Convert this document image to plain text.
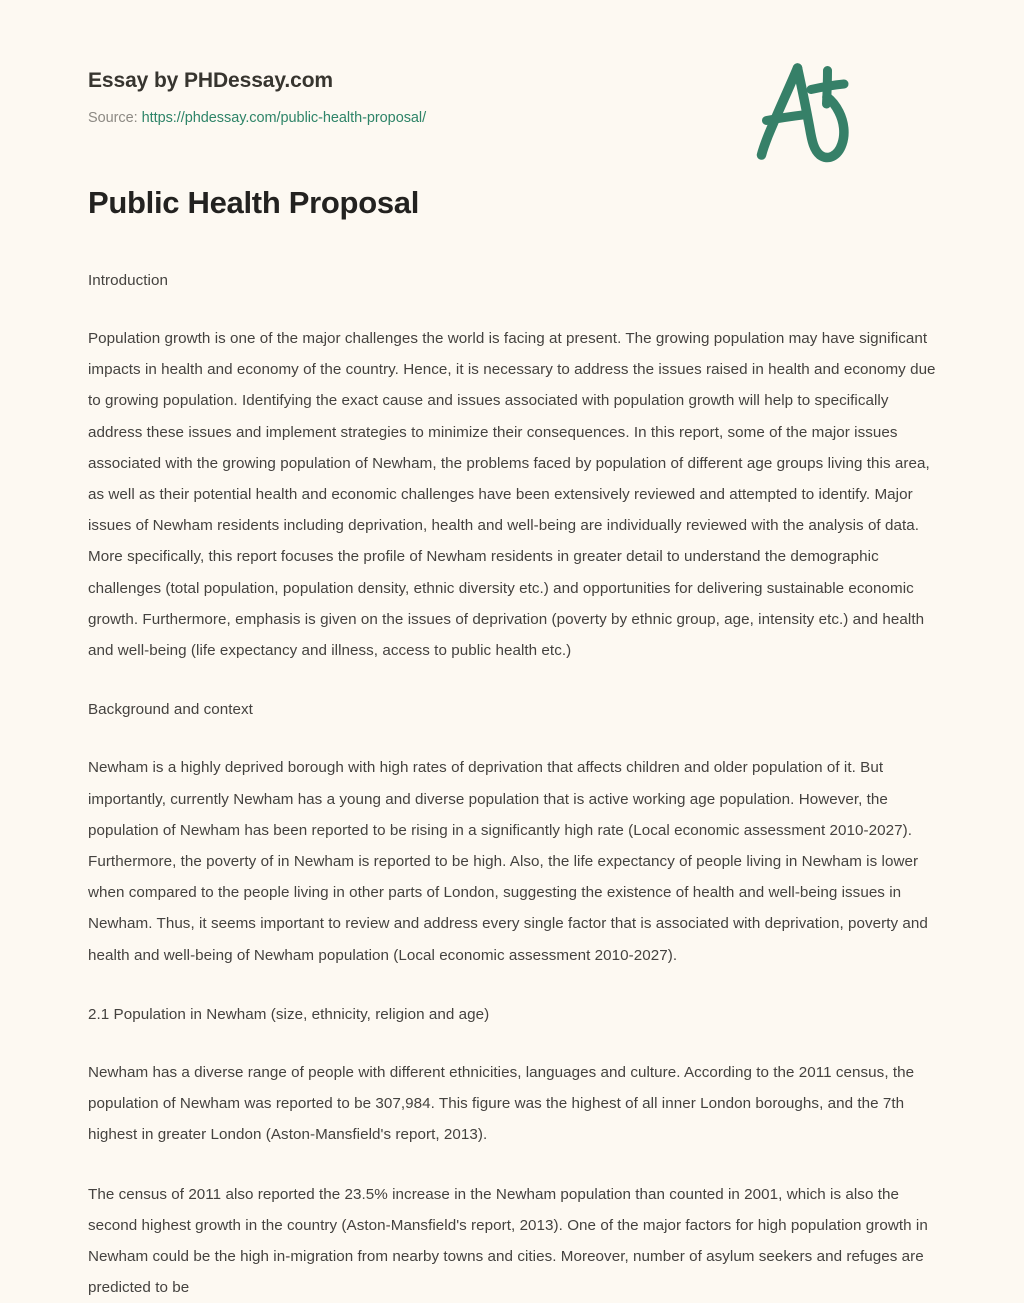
Essay by PHDessay.com

Source: https://phdessay.com/public-health-proposal/

Public Health Proposal

Introduction

Population growth is one of the major challenges the world is facing at present. The growing population may have significant impacts in health and economy of the country. Hence, it is necessary to address the issues raised in health and economy due to growing population. Identifying the exact cause and issues associated with population growth will help to specifically address these issues and implement strategies to minimize their consequences. In this report, some of the major issues associated with the growing population of Newham, the problems faced by population of different age groups living this area, as well as their potential health and economic challenges have been extensively reviewed and attempted to identify. Major issues of Newham residents including deprivation, health and well-being are individually reviewed with the analysis of data. More specifically, this report focuses the profile of Newham residents in greater detail to understand the demographic challenges (total population, population density, ethnic diversity etc.) and opportunities for delivering sustainable economic growth. Furthermore, emphasis is given on the issues of deprivation (poverty by ethnic group, age, intensity etc.) and health and well-being (life expectancy and illness, access to public health etc.)

Background and context

Newham is a highly deprived borough with high rates of deprivation that affects children and older population of it. But importantly, currently Newham has a young and diverse population that is active working age population. However, the population of Newham has been reported to be rising in a significantly high rate (Local economic assessment 2010-2027). Furthermore, the poverty of in Newham is reported to be high. Also, the life expectancy of people living in Newham is lower when compared to the people living in other parts of London, suggesting the existence of health and well-being issues in Newham. Thus, it seems important to review and address every single factor that is associated with deprivation, poverty and health and well-being of Newham population (Local economic assessment 2010-2027).

2.1 Population in Newham (size, ethnicity, religion and age)

Newham has a diverse range of people with different ethnicities, languages and culture. According to the 2011 census, the population of Newham was reported to be 307,984. This figure was the highest of all inner London boroughs, and the 7th highest in greater London (Aston-Mansfield's report, 2013).

The census of 2011 also reported the 23.5% increase in the Newham population than counted in 2001, which is also the second highest growth in the country (Aston-Mansfield's report, 2013). One of the major factors for high population growth in Newham could be the high in-migration from nearby towns and cities. Moreover, number of asylum seekers and refuges are predicted to be
